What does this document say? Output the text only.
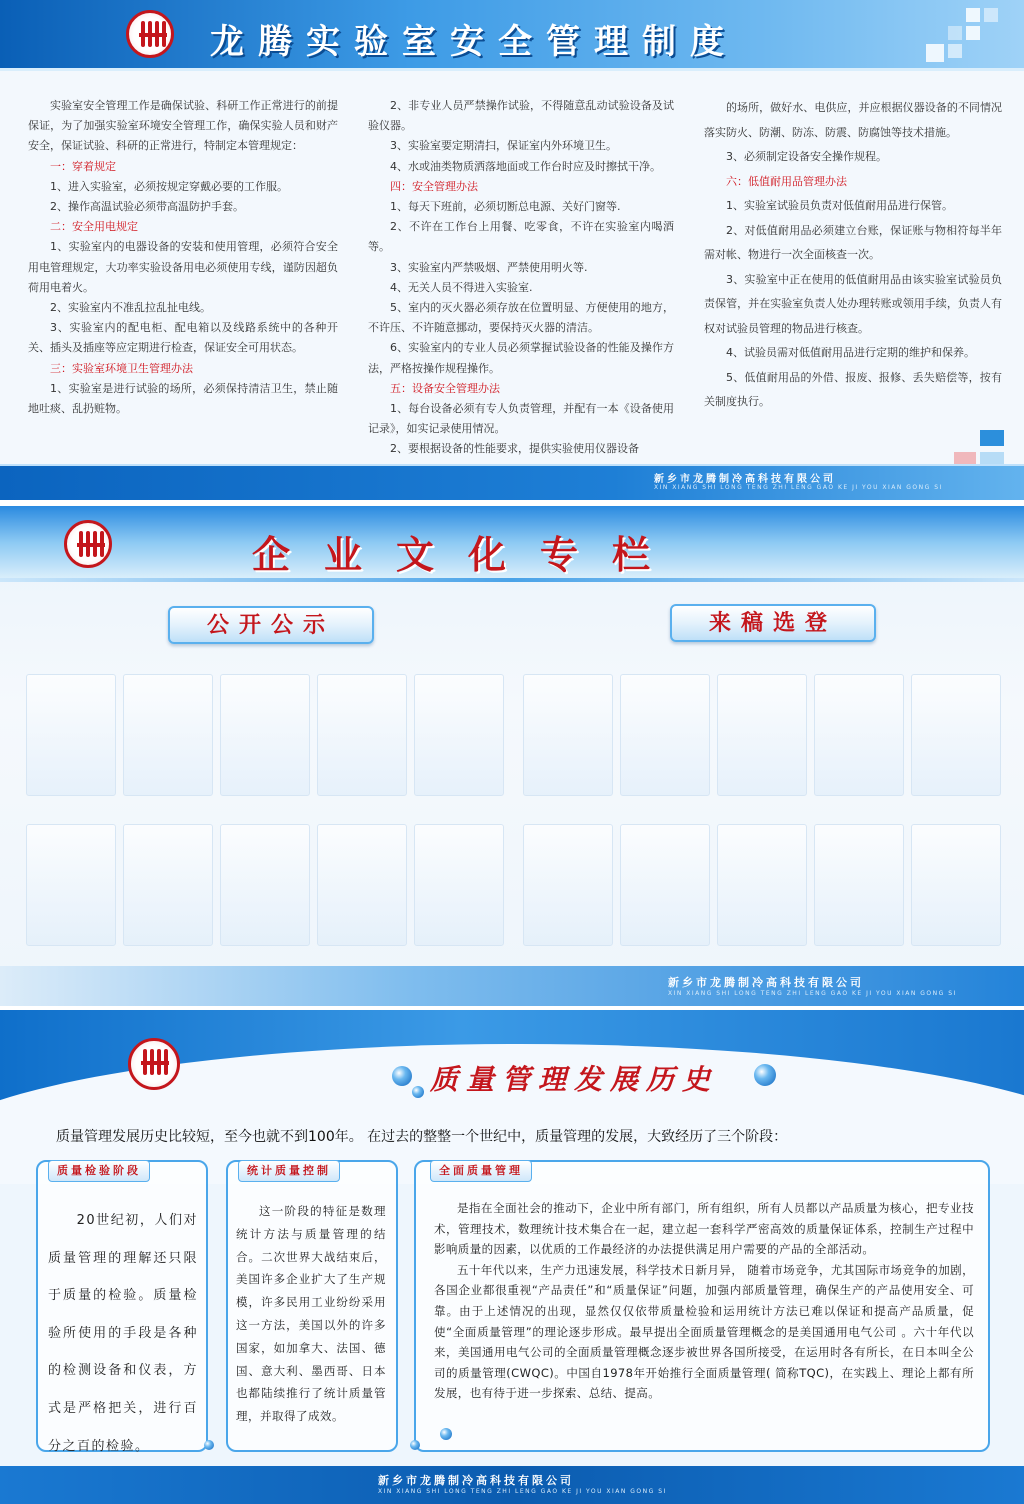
龙腾实验室安全管理制度

实验室安全管理工作是确保试验、科研工作正常进行的前提保证，为了加强实验室环境安全管理工作，确保实验人员和财产安全，保证试验、科研的正常进行，特制定本管理规定：

一：穿着规定

1、进入实验室，必须按规定穿戴必要的工作服。

2、操作高温试验必须带高温防护手套。

二：安全用电规定

1、实验室内的电器设备的安装和使用管理，必须符合安全用电管理规定，大功率实验设备用电必须使用专线，谨防因超负荷用电着火。

2、实验室内不准乱拉乱扯电线。

3、实验室内的配电柜、配电箱以及线路系统中的各种开关、插头及插座等应定期进行检查，保证安全可用状态。

三：实验室环境卫生管理办法

1、实验室是进行试验的场所，必须保持清洁卫生，禁止随地吐痰、乱扔赃物。

2、非专业人员严禁操作试验，不得随意乱动试验设备及试验仪器。

3、实验室要定期清扫，保证室内外环境卫生。

4、水或油类物质洒落地面或工作台时应及时擦拭干净。

四：安全管理办法

1、每天下班前，必须切断总电源、关好门窗等.

2、不许在工作台上用餐、吃零食，不许在实验室内喝酒等。

3、实验室内严禁吸烟、严禁使用明火等.

4、无关人员不得进入实验室.

5、室内的灭火器必须存放在位置明显、方便使用的地方，不许压、不许随意挪动，要保持灭火器的清洁。

6、实验室内的专业人员必须掌握试验设备的性能及操作方法，严格按操作规程操作。

五：设备安全管理办法

1、每台设备必须有专人负责管理，并配有一本《设备使用记录》，如实记录使用情况。

2、要根据设备的性能要求，提供实验使用仪器设备

的场所，做好水、电供应，并应根据仪器设备的不同情况落实防火、防潮、防冻、防震、防腐蚀等技术措施。

3、必须制定设备安全操作规程。

六：低值耐用品管理办法

1、实验室试验员负责对低值耐用品进行保管。

2、对低值耐用品必须建立台账，保证账与物相符每半年需对帐、物进行一次全面核查一次。

3、实验室中正在使用的低值耐用品由该实验室试验员负责保管，并在实验室负责人处办理转账或领用手续，负责人有权对试验员管理的物品进行核查。

4、试验员需对低值耐用品进行定期的维护和保养。

5、低值耐用品的外借、报废、报修、丢失赔偿等，按有关制度执行。

新乡市龙腾制冷高科技有限公司
XIN XIANG SHI LONG TENG ZHI LENG GAO KE JI YOU XIAN GONG SI
企业文化专栏
公开公示	来稿选登
新乡市龙腾制冷高科技有限公司
XIN XIANG SHI LONG TENG ZHI LENG GAO KE JI YOU XIAN GONG SI
质量管理发展历史
质量管理发展历史比较短，至今也就不到100年。 在过去的整整一个世纪中，质量管理的发展，大致经历了三个阶段：
质量检验阶段

20世纪初，人们对质量管理的理解还只限于质量的检验。质量检验所使用的手段是各种的检测设备和仪表，方式是严格把关，进行百分之百的检验。

统计质量控制

这一阶段的特征是数理统计方法与质量管理的结合。二次世界大战结束后，美国许多企业扩大了生产规模，许多民用工业纷纷采用这一方法，美国以外的许多国家，如加拿大、法国、德国、意大利、墨西哥、日本也都陆续推行了统计质量管理，并取得了成效。

全面质量管理

是指在全面社会的推动下，企业中所有部门，所有组织，所有人员都以产品质量为核心，把专业技术，管理技术，数理统计技术集合在一起，建立起一套科学严密高效的质量保证体系，控制生产过程中影响质量的因素，以优质的工作最经济的办法提供满足用户需要的产品的全部活动。

五十年代以来，生产力迅速发展，科学技术日新月异， 随着市场竞争，尤其国际市场竞争的加剧，各国企业都很重视“产品责任”和“质量保证”问题，加强内部质量管理，确保生产的产品使用安全、可靠。由于上述情况的出现，显然仅仅依带质量检验和运用统计方法已难以保证和提高产品质量，促使“全面质量管理”的理论逐步形成。最早提出全面质量管理概念的是美国通用电气公司 。六十年代以来，美国通用电气公司的全面质量管理概念逐步被世界各国所接受，在运用时各有所长，在日本叫全公司的质量管理(CWQC)。中国自1978年开始推行全面质量管理( 简称TQC)，在实践上、理论上都有所发展，也有待于进一步探索、总结、提高。

新乡市龙腾制冷高科技有限公司
XIN XIANG SHI LONG TENG ZHI LENG GAO KE JI YOU XIAN GONG SI
